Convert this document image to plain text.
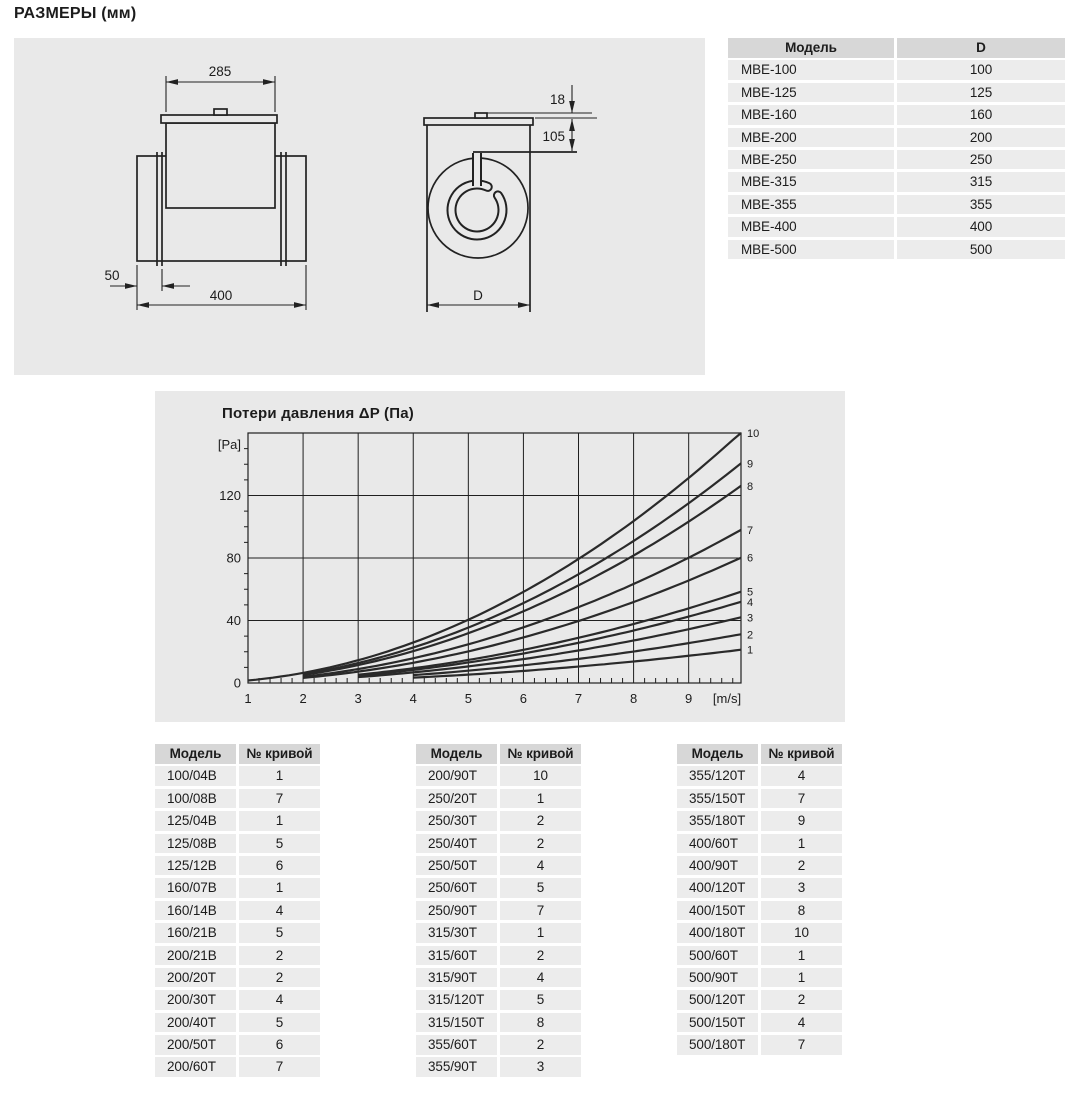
РАЗМЕРЫ (мм)
285
400
50
18
105
D
Модель	D
МВЕ-100	100
МВЕ-125	125
МВЕ-160	160
МВЕ-200	200
МВЕ-250	250
МВЕ-315	315
МВЕ-355	355
МВЕ-400	400
МВЕ-500	500
Потери давления ΔP (Па)
1	2	3	4	5	6	7	8	9
0
40
80
120
[Pa]
[m/s]
1
2
3
4
5
6
7
8
9
10
Модель	№ кривой
100/04В	1
100/08В	7
125/04В	1
125/08В	5
125/12В	6
160/07В	1
160/14В	4
160/21В	5
200/21В	2
200/20Т	2
200/30Т	4
200/40Т	5
200/50Т	6
200/60Т	7
Модель	№ кривой
200/90Т	10
250/20Т	1
250/30Т	2
250/40Т	2
250/50Т	4
250/60Т	5
250/90Т	7
315/30Т	1
315/60Т	2
315/90Т	4
315/120Т	5
315/150Т	8
355/60Т	2
355/90Т	3
Модель	№ кривой
355/120Т	4
355/150Т	7
355/180Т	9
400/60Т	1
400/90Т	2
400/120Т	3
400/150Т	8
400/180Т	10
500/60Т	1
500/90Т	1
500/120Т	2
500/150Т	4
500/180Т	7
